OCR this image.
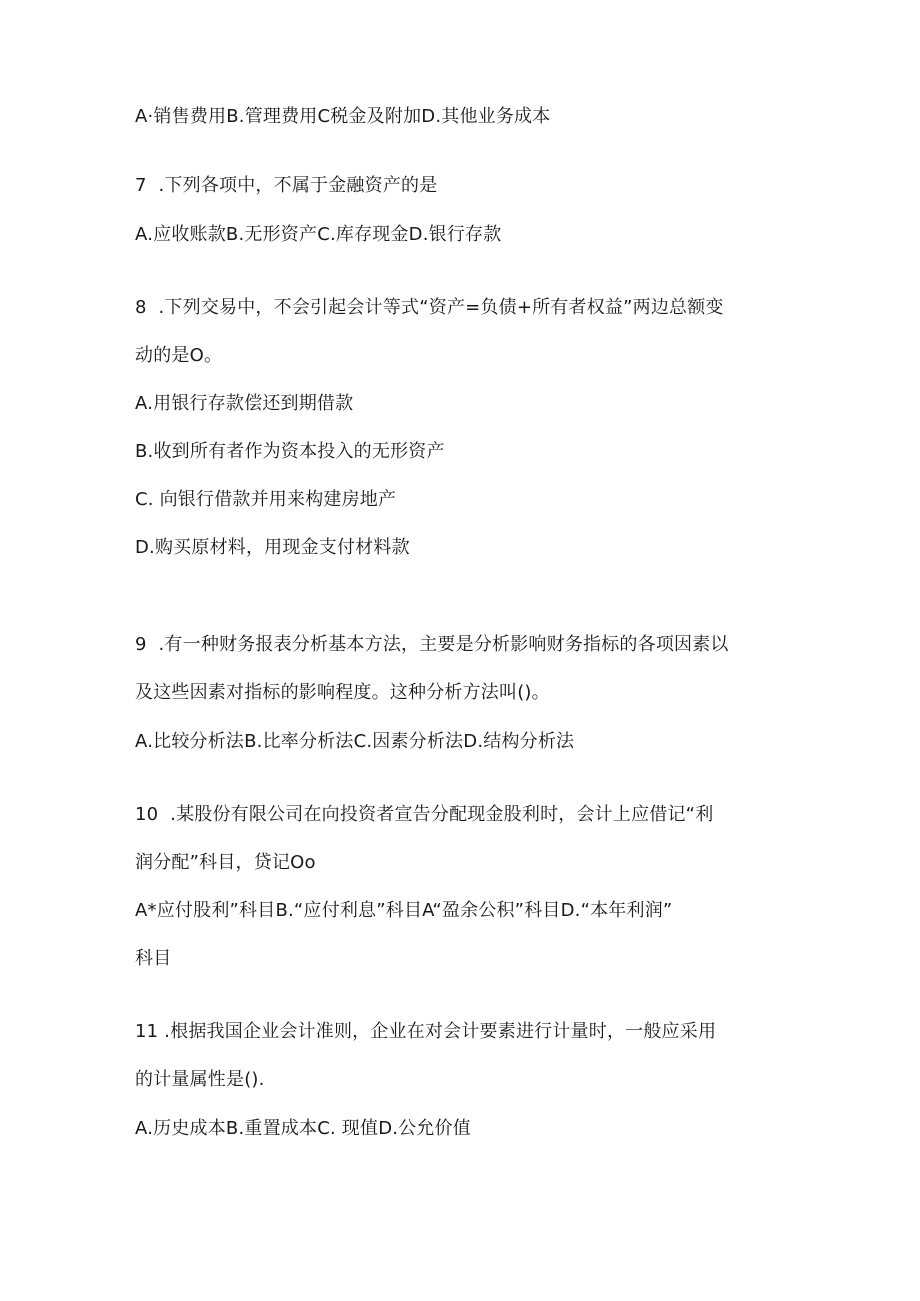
A·销售费用B.管理费用C税金及附加D.其他业务成本
7  .下列各项中，不属于金融资产的是
A.应收账款B.无形资产C.库存现金D.银行存款
8  .下列交易中，不会引起会计等式“资产=负债+所有者权益”两边总额变
动的是O。
A.用银行存款偿还到期借款
B.收到所有者作为资本投入的无形资产
C. 向银行借款并用来构建房地产
D.购买原材料，用现金支付材料款
9  .有一种财务报表分析基本方法，主要是分析影响财务指标的各项因素以
及这些因素对指标的影响程度。这种分析方法叫()。
A.比较分析法B.比率分析法C.因素分析法D.结构分析法
10  .某股份有限公司在向投资者宣告分配现金股利时，会计上应借记“利
润分配”科目，贷记Oo
A*应付股利”科目B.“应付利息”科目A“盈余公积”科目D.“本年利润”
科目
11 .根据我国企业会计准则，企业在对会计要素进行计量时，一般应采用
的计量属性是().
A.历史成本B.重置成本C. 现值D.公允价值
